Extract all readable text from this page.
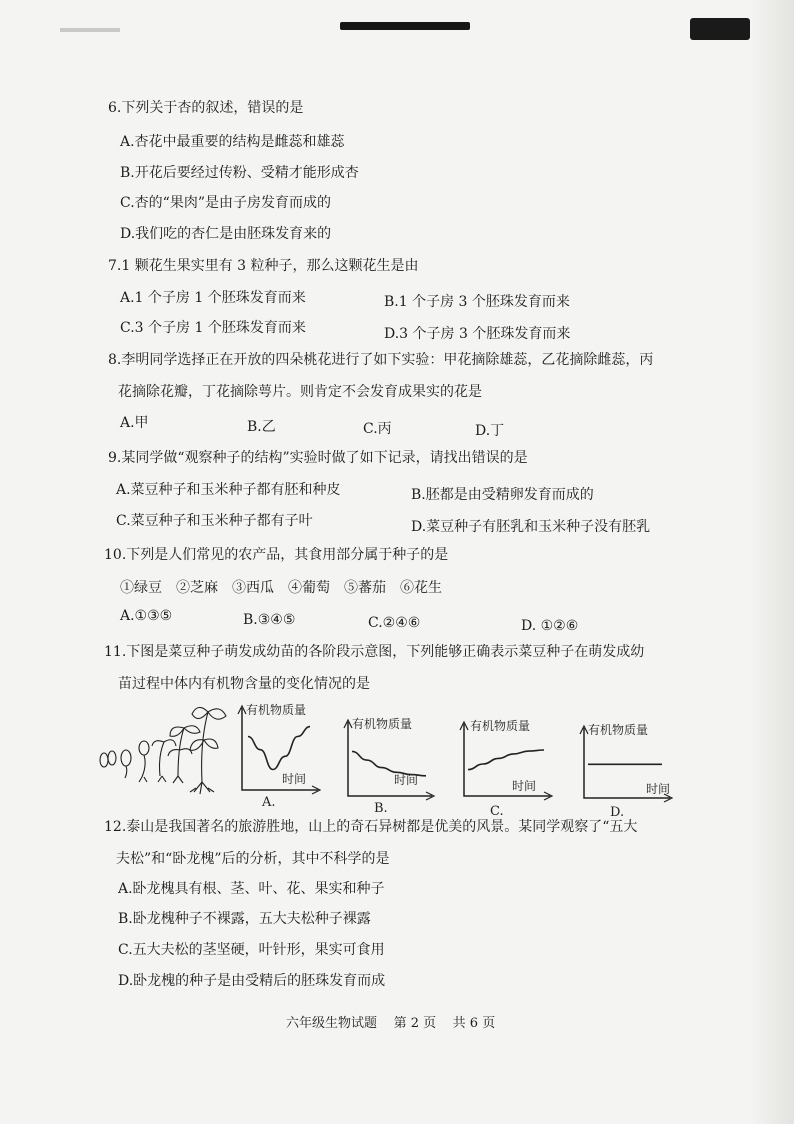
6.下列关于杏的叙述，错误的是
A.杏花中最重要的结构是雌蕊和雄蕊
B.开花后要经过传粉、受精才能形成杏
C.杏的“果肉”是由子房发育而成的
D.我们吃的杏仁是由胚珠发育来的
7.1 颗花生果实里有 3 粒种子，那么这颗花生是由
A.1 个子房 1 个胚珠发育而来	B.1 个子房 3 个胚珠发育而来
C.3 个子房 1 个胚珠发育而来	D.3 个子房 3 个胚珠发育而来
8.李明同学选择正在开放的四朵桃花进行了如下实验：甲花摘除雄蕊，乙花摘除雌蕊，丙
花摘除花瓣，丁花摘除萼片。则肯定不会发育成果实的花是
A.甲	B.乙	C.丙	D.丁
9.某同学做“观察种子的结构”实验时做了如下记录，请找出错误的是
A.菜豆种子和玉米种子都有胚和种皮	B.胚都是由受精卵发育而成的
C.菜豆种子和玉米种子都有子叶	D.菜豆种子有胚乳和玉米种子没有胚乳
10.下列是人们常见的农产品，其食用部分属于种子的是
①绿豆　②芝麻　③西瓜　④葡萄　⑤蕃茄　⑥花生
A.①③⑤	B.③④⑤	C.②④⑥	D. ①②⑥
11.下图是菜豆种子萌发成幼苗的各阶段示意图，下列能够正确表示菜豆种子在萌发成幼
苗过程中体内有机物含量的变化情况的是
有机物质量
时间
A.
有机物质量
时间
B.
有机物质量
时间
C.
有机物质量
时间
D.
12.泰山是我国著名的旅游胜地，山上的奇石异树都是优美的风景。某同学观察了“五大
夫松”和“卧龙槐”后的分析，其中不科学的是
A.卧龙槐具有根、茎、叶、花、果实和种子
B.卧龙槐种子不裸露，五大夫松种子裸露
C.五大夫松的茎坚硬，叶针形，果实可食用
D.卧龙槐的种子是由受精后的胚珠发育而成
六年级生物试题 第 2 页 共 6 页
